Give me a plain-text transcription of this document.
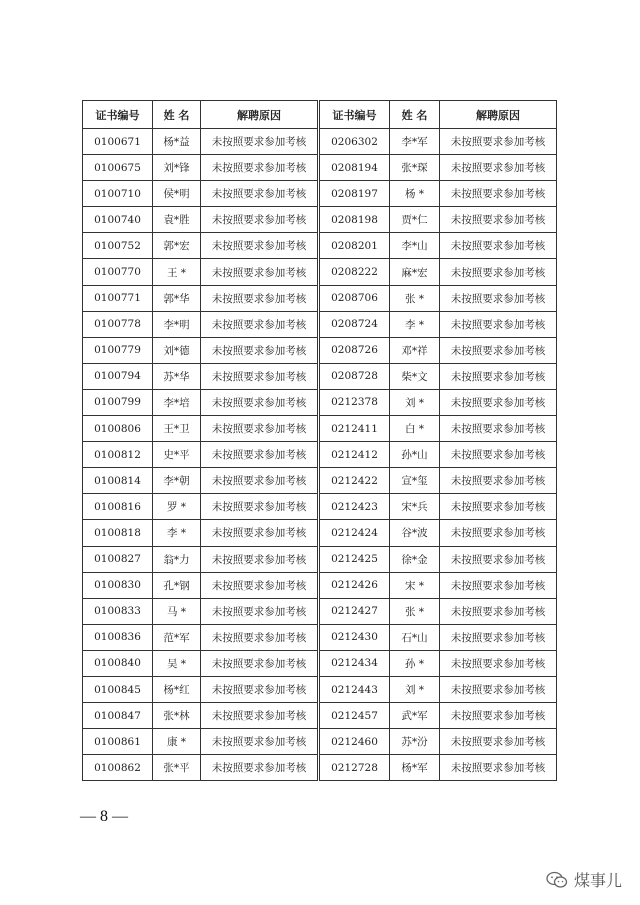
证书编号	姓 名	解聘原因	证书编号	姓 名	解聘原因
0100671	杨*益	未按照要求参加考核	0206302	李*军	未按照要求参加考核
0100675	刘*锋	未按照要求参加考核	0208194	张*琛	未按照要求参加考核
0100710	侯*明	未按照要求参加考核	0208197	杨 *	未按照要求参加考核
0100740	袁*胜	未按照要求参加考核	0208198	贾*仁	未按照要求参加考核
0100752	郭*宏	未按照要求参加考核	0208201	李*山	未按照要求参加考核
0100770	王 *	未按照要求参加考核	0208222	麻*宏	未按照要求参加考核
0100771	郭*华	未按照要求参加考核	0208706	张 *	未按照要求参加考核
0100778	李*明	未按照要求参加考核	0208724	李 *	未按照要求参加考核
0100779	刘*德	未按照要求参加考核	0208726	邓*祥	未按照要求参加考核
0100794	苏*华	未按照要求参加考核	0208728	柴*文	未按照要求参加考核
0100799	李*培	未按照要求参加考核	0212378	刘 *	未按照要求参加考核
0100806	王*卫	未按照要求参加考核	0212411	白 *	未按照要求参加考核
0100812	史*平	未按照要求参加考核	0212412	孙*山	未按照要求参加考核
0100814	李*朝	未按照要求参加考核	0212422	宣*玺	未按照要求参加考核
0100816	罗 *	未按照要求参加考核	0212423	宋*兵	未按照要求参加考核
0100818	李 *	未按照要求参加考核	0212424	谷*波	未按照要求参加考核
0100827	翁*力	未按照要求参加考核	0212425	徐*金	未按照要求参加考核
0100830	孔*钢	未按照要求参加考核	0212426	宋 *	未按照要求参加考核
0100833	马 *	未按照要求参加考核	0212427	张 *	未按照要求参加考核
0100836	范*军	未按照要求参加考核	0212430	石*山	未按照要求参加考核
0100840	吴 *	未按照要求参加考核	0212434	孙 *	未按照要求参加考核
0100845	杨*红	未按照要求参加考核	0212443	刘 *	未按照要求参加考核
0100847	张*林	未按照要求参加考核	0212457	武*军	未按照要求参加考核
0100861	康 *	未按照要求参加考核	0212460	苏*汾	未按照要求参加考核
0100862	张*平	未按照要求参加考核	0212728	杨*军	未按照要求参加考核
— 8 —
煤事儿
